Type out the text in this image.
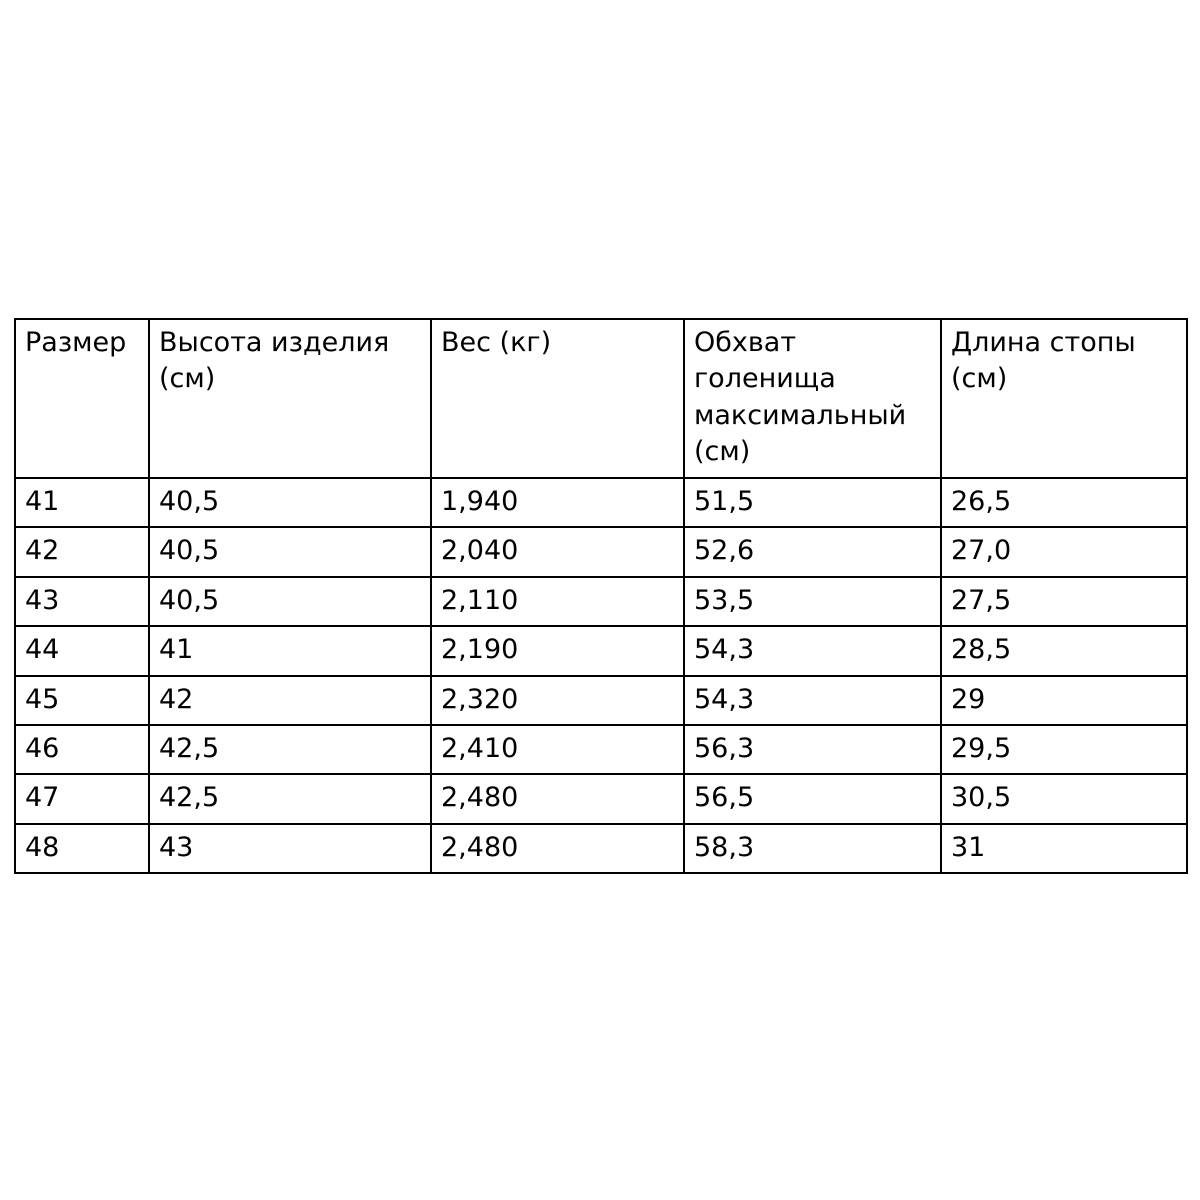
Размер	Высота изделия (см)	Вес (кг)	Обхват голенища максимальный (см)	Длина стопы (см)
41	40,5	1,940	51,5	26,5
42	40,5	2,040	52,6	27,0
43	40,5	2,110	53,5	27,5
44	41	2,190	54,3	28,5
45	42	2,320	54,3	29
46	42,5	2,410	56,3	29,5
47	42,5	2,480	56,5	30,5
48	43	2,480	58,3	31
